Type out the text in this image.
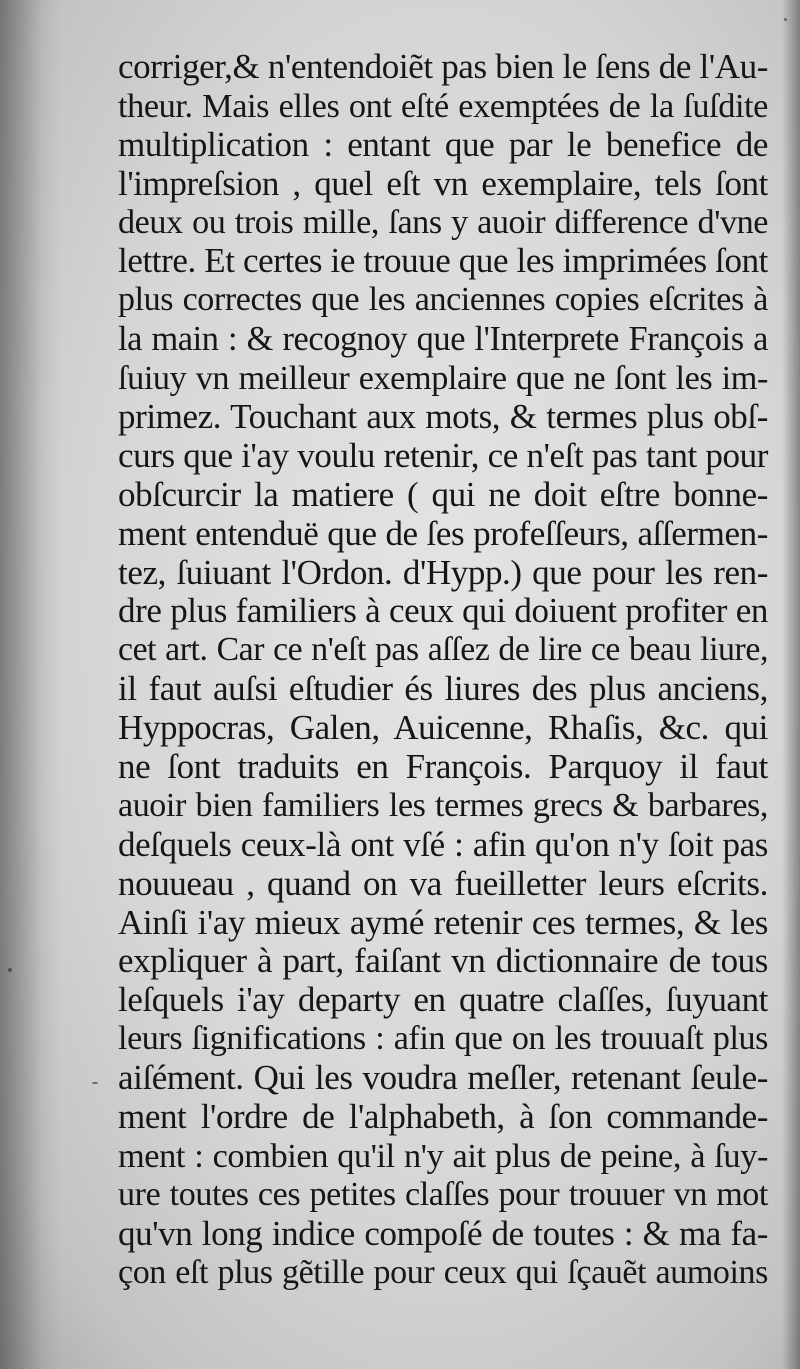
corriger,& n'entendoiẽt pas bien le ſens de l'Au-
theur. Mais elles ont eſté exemptées de la ſuſdite
multiplication : entant que par le benefice de
l'impreſsion , quel eſt vn exemplaire, tels ſont
deux ou trois mille, ſans y auoir difference d'vne
lettre. Et certes ie trouue que les imprimées ſont
plus correctes que les anciennes copies eſcrites à
la main : & recognoy que l'Interprete François a
ſuiuy vn meilleur exemplaire que ne ſont les im-
primez. Touchant aux mots, & termes plus obſ-
curs que i'ay voulu retenir, ce n'eſt pas tant pour
obſcurcir la matiere ( qui ne doit eſtre bonne-
ment entenduë que de ſes profeſſeurs, aſſermen-
tez, ſuiuant l'Ordon. d'Hypp.) que pour les ren-
dre plus familiers à ceux qui doiuent profiter en
cet art. Car ce n'eſt pas aſſez de lire ce beau liure,
il faut auſsi eſtudier és liures des plus anciens,
Hyppocras, Galen, Auicenne, Rhaſis, &c. qui
ne ſont traduits en François. Parquoy il faut
auoir bien familiers les termes grecs & barbares,
deſquels ceux-là ont vſé : afin qu'on n'y ſoit pas
nouueau , quand on va fueilletter leurs eſcrits.
Ainſi i'ay mieux aymé retenir ces termes, & les
expliquer à part, faiſant vn dictionnaire de tous
leſquels i'ay departy en quatre claſſes, ſuyuant
leurs ſignifications : afin que on les trouuaſt plus
aiſément. Qui les voudra meſler, retenant ſeule-
ment l'ordre de l'alphabeth, à ſon commande-
ment : combien qu'il n'y ait plus de peine, à ſuy-
ure toutes ces petites claſſes pour trouuer vn mot
qu'vn long indice compoſé de toutes : & ma fa-
çon eſt plus gẽtille pour ceux qui ſçauẽt aumoins
